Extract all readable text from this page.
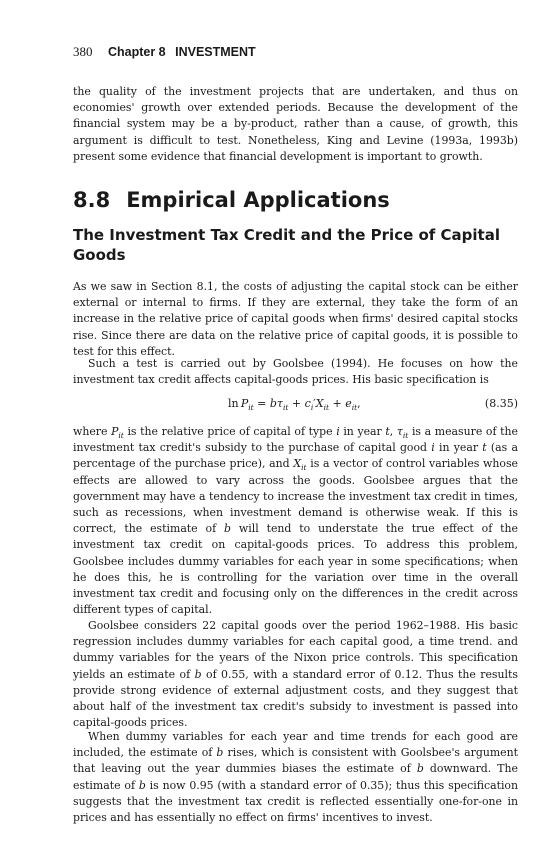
380 Chapter 8 INVESTMENT

the quality of the investment projects that are undertaken, and thus on economies' growth over extended periods. Because the development of the financial system may be a by-product, rather than a cause, of growth, this argument is difficult to test. Nonetheless, King and Levine (1993a, 1993b) present some evidence that financial development is important to growth.

8.8 Empirical Applications
The Investment Tax Credit and the Price of Capital Goods

As we saw in Section 8.1, the costs of adjusting the capital stock can be either external or internal to firms. If they are external, they take the form of an increase in the relative price of capital goods when firms' desired capital stocks rise. Since there are data on the relative price of capital goods, it is possible to test for this effect.

Such a test is carried out by Goolsbee (1994). He focuses on how the investment tax credit affects capital-goods prices. His basic specification is

$\ln P_{it} = b\tau_{it} + c_i'X_{it} + e_{it}$,	(8.35)

where $P_{it}$ is the relative price of capital of type i in year t, $\tau_{it}$ is a measure of the investment tax credit's subsidy to the purchase of capital good i in year t (as a percentage of the purchase price), and $X_{it}$ is a vector of control variables whose effects are allowed to vary across the goods. Goolsbee argues that the government may have a tendency to increase the investment tax credit in times, such as recessions, when investment demand is otherwise weak. If this is correct, the estimate of b will tend to understate the true effect of the investment tax credit on capital-goods prices. To address this problem, Goolsbee includes dummy variables for each year in some specifications; when he does this, he is controlling for the variation over time in the overall investment tax credit and focusing only on the differences in the credit across different types of capital.

Goolsbee considers 22 capital goods over the period 1962–1988. His basic regression includes dummy variables for each capital good, a time trend. and dummy variables for the years of the Nixon price controls. This specification yields an estimate of b of 0.55, with a standard error of 0.12. Thus the results provide strong evidence of external adjustment costs, and they suggest that about half of the investment tax credit's subsidy to investment is passed into capital-goods prices.

When dummy variables for each year and time trends for each good are included, the estimate of b rises, which is consistent with Goolsbee's argument that leaving out the year dummies biases the estimate of b downward. The estimate of b is now 0.95 (with a standard error of 0.35); thus this specification suggests that the investment tax credit is reflected essentially one-for-one in prices and has essentially no effect on firms' incentives to invest.
